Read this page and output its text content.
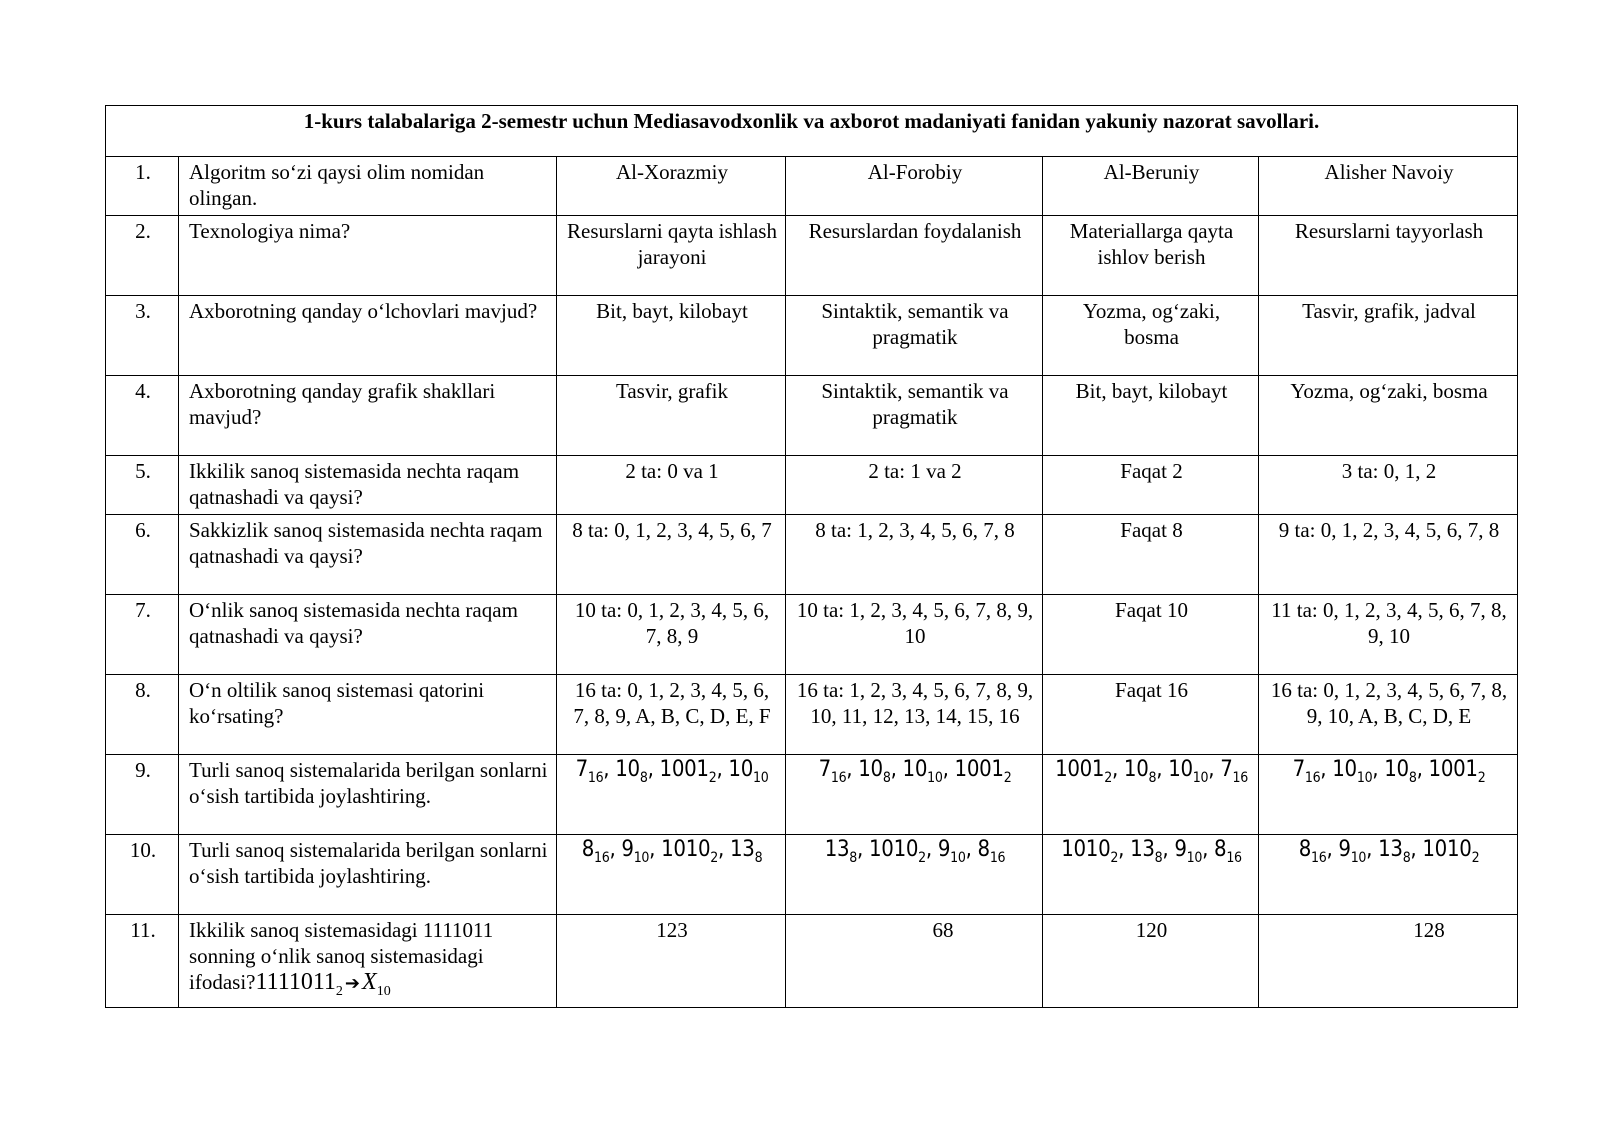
1-kurs talabalariga 2-semestr uchun Mediasavodxonlik va axborot madaniyati fanidan yakuniy nazorat savollari.					
1.	Algoritm so‘zi qaysi olim nomidan olingan.	Al-Xorazmiy	Al-Forobiy	Al-Beruniy	Alisher Navoiy
2.	Texnologiya nima?	Resurslarni qayta ishlash jarayoni	Resurslardan foydalanish	Materiallarga qayta ishlov berish	Resurslarni tayyorlash
3.	Axborotning qanday o‘lchovlari mavjud?	Bit, bayt, kilobayt	Sintaktik, semantik va pragmatik	Yozma, og‘zaki, bosma	Tasvir, grafik, jadval
4.	Axborotning qanday grafik shakllari mavjud?	Tasvir, grafik	Sintaktik, semantik va pragmatik	Bit, bayt, kilobayt	Yozma, og‘zaki, bosma
5.	Ikkilik sanoq sistemasida nechta raqam qatnashadi va qaysi?	2 ta: 0 va 1	2 ta: 1 va 2	Faqat 2	3 ta: 0, 1, 2
6.	Sakkizlik sanoq sistemasida nechta raqam qatnashadi va qaysi?	8 ta: 0, 1, 2, 3, 4, 5, 6, 7	8 ta: 1, 2, 3, 4, 5, 6, 7, 8	Faqat 8	9 ta: 0, 1, 2, 3, 4, 5, 6, 7, 8
7.	O‘nlik sanoq sistemasida nechta raqam qatnashadi va qaysi?	10 ta: 0, 1, 2, 3, 4, 5, 6, 7, 8, 9	10 ta: 1, 2, 3, 4, 5, 6, 7, 8, 9, 10	Faqat 10	11 ta: 0, 1, 2, 3, 4, 5, 6, 7, 8, 9, 10
8.	O‘n oltilik sanoq sistemasi qatorini ko‘rsating?	16 ta: 0, 1, 2, 3, 4, 5, 6, 7, 8, 9, A, B, C, D, E, F	16 ta: 1, 2, 3, 4, 5, 6, 7, 8, 9, 10, 11, 12, 13, 14, 15, 16	Faqat 16	16 ta: 0, 1, 2, 3, 4, 5, 6, 7, 8, 9, 10, A, B, C, D, E
9.	Turli sanoq sistemalarida berilgan sonlarni o‘sish tartibida joylashtiring.	$7_{16}$, $10_8$, $1001_2$, $10_{10}$	$7_{16}$, $10_8$, $10_{10}$, $1001_2$	$1001_2$, $10_8$, $10_{10}$, $7_{16}$	$7_{16}$, $10_{10}$, $10_8$, $1001_2$
10.	Turli sanoq sistemalarida berilgan sonlarni o‘sish tartibida joylashtiring.	$8_{16}$, $9_{10}$, $1010_2$, $13_8$	$13_8$, $1010_2$, $9_{10}$, $8_{16}$	$1010_2$, $13_8$, $9_{10}$, $8_{16}$	$8_{16}$, $9_{10}$, $13_8$, $1010_2$
11.	Ikkilik sanoq sistemasidagi 1111011 sonning o‘nlik sanoq sistemasidagi $ifodasi?1111011_2$ $➔X_{10}$	123	68	120	128
